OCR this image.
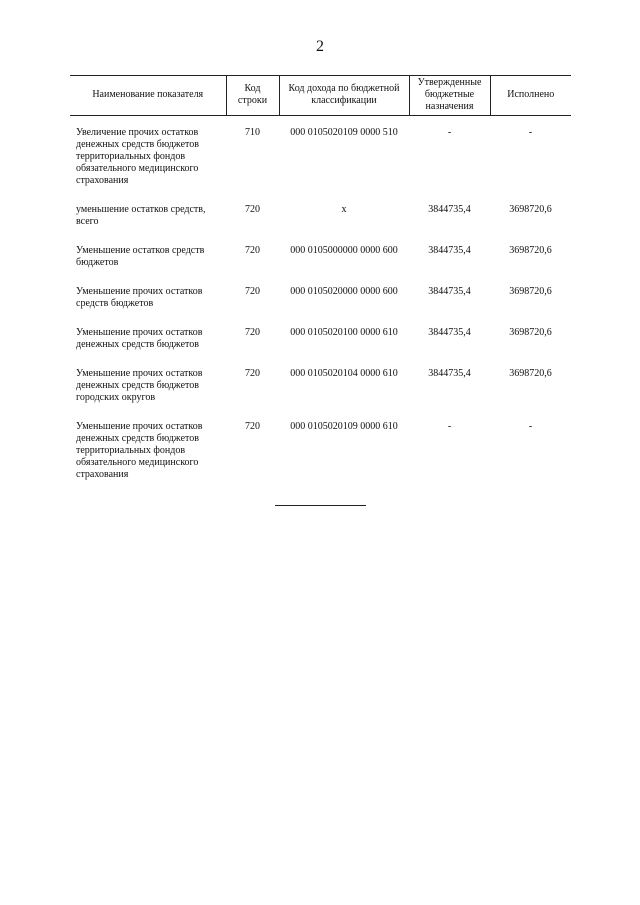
2
Наименование показателя	Код строки	Код дохода по бюджетной классификации	Утвержденные бюджетные назначения	Исполнено
Увеличение прочих остатков денежных средств бюджетов территориальных фондов обязательного медицинского страхования	710	000 0105020109 0000 510	-	-
уменьшение остатков средств, всего	720	x	3844735,4	3698720,6
Уменьшение остатков средств бюджетов	720	000 0105000000 0000 600	3844735,4	3698720,6
Уменьшение прочих остатков средств бюджетов	720	000 0105020000 0000 600	3844735,4	3698720,6
Уменьшение прочих остатков денежных средств бюджетов	720	000 0105020100 0000 610	3844735,4	3698720,6
Уменьшение прочих остатков денежных средств бюджетов городских округов	720	000 0105020104 0000 610	3844735,4	3698720,6
Уменьшение прочих остатков денежных средств бюджетов территориальных фондов обязательного медицинского страхования	720	000 0105020109 0000 610	-	-
